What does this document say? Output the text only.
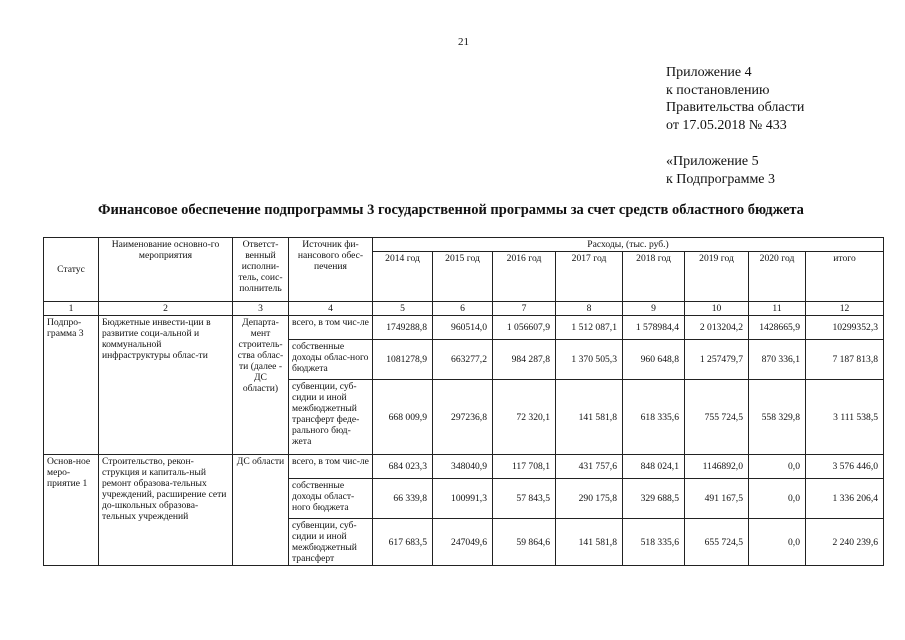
21
Приложение 4
к постановлению
Правительства области
от 17.05.2018 № 433
«Приложение 5
к Подпрограмме 3
Финансовое обеспечение подпрограммы 3 государственной программы за счет средств областного бюджета
Статус	Наименование основно-го мероприятия	Ответст-венный исполни-тель, соис-полнитель	Источник фи-нансового обес-печения	Расходы, (тыс. руб.)							
				2014 год	2015 год	2016 год	2017 год	2018 год	2019 год	2020 год	итого
1	2	3	4	5	6	7	8	9	10	11	12
Подпро-грамма 3	Бюджетные инвести-ции в развитие соци-альной и коммунальной инфраструктуры облас-ти	Департа-мент строитель-ства облас-ти (далее - ДС области)	всего, в том чис-ле	1749288,8	960514,0	1 056607,9	1 512 087,1	1 578984,4	2 013204,2	1428665,9	10299352,3
			собственные доходы облас-ного бюджета	1081278,9	663277,2	984 287,8	1 370 505,3	960 648,8	1 257479,7	870 336,1	7 187 813,8
			субвенции, суб-сидии и иной межбюджетный трансферт феде-рального бюд-жета	668 009,9	297236,8	72 320,1	141 581,8	618 335,6	755 724,5	558 329,8	3 111 538,5
Основ-ное меро-приятие 1	Строительство, рекон-струкция и капиталь-ный ремонт образова-тельных учреждений, расширение сети до-школьных образова-тельных учреждений	ДС области	всего, в том чис-ле	684 023,3	348040,9	117 708,1	431 757,6	848 024,1	1146892,0	0,0	3 576 446,0
			собственные доходы област-ного бюджета	66 339,8	100991,3	57 843,5	290 175,8	329 688,5	491 167,5	0,0	1 336 206,4
			субвенции, суб-сидии и иной межбюджетный трансферт	617 683,5	247049,6	59 864,6	141 581,8	518 335,6	655 724,5	0,0	2 240 239,6
